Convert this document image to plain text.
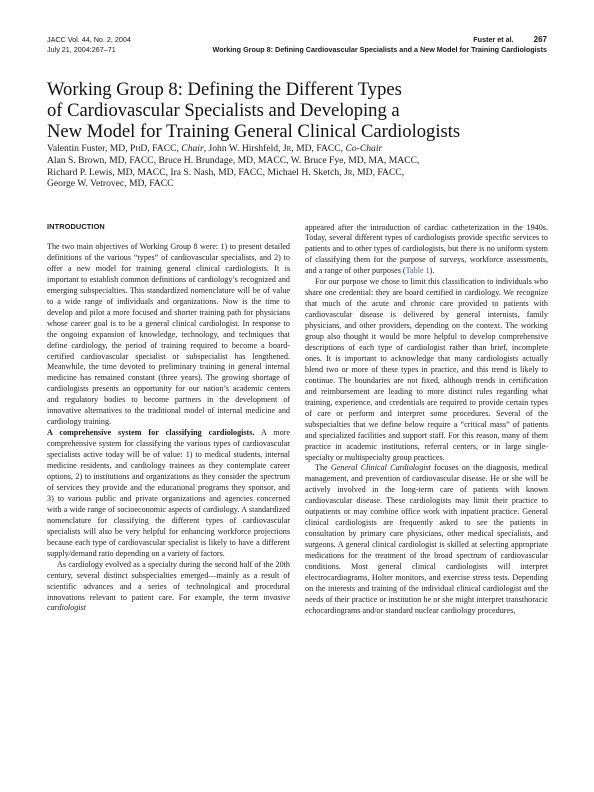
JACC Vol. 44, No. 2, 2004
July 21, 2004:267–71
Fuster et al.	267
Working Group 8: Defining Cardiovascular Specialists and a New Model for Training Cardiologists
Working Group 8: Defining the Different Types
of Cardiovascular Specialists and Developing a
New Model for Training General Clinical Cardiologists
Valentin Fuster, MD, PhD, FACC, Chair, John W. Hirshfeld, Jr, MD, FACC, Co-Chair
Alan S. Brown, MD, FACC, Bruce H. Brundage, MD, MACC, W. Bruce Fye, MD, MA, MACC,
Richard P. Lewis, MD, MACC, Ira S. Nash, MD, FACC, Michael H. Sketch, Jr, MD, FACC,
George W. Vetrovec, MD, FACC
INTRODUCTION

The two main objectives of Working Group 8 were: 1) to present detailed definitions of the various “types” of cardiovascular specialists, and 2) to offer a new model for training general clinical cardiologists. It is important to establish common definitions of cardiology’s recognized and emerging subspecialties. This standardized nomenclature will be of value to a wide range of individuals and organizations. Now is the time to develop and pilot a more focused and shorter training path for physicians whose career goal is to be a general clinical cardiologist. In response to the ongoing expansion of knowledge, technology, and techniques that define cardiology, the period of training required to become a board-certified cardiovascular specialist or subspecialist has lengthened. Meanwhile, the time devoted to preliminary training in general internal medicine has remained constant (three years). The growing shortage of cardiologists presents an opportunity for our nation’s academic centers and regulatory bodies to become partners in the development of innovative alternatives to the traditional model of internal medicine and cardiology training.

A comprehensive system for classifying cardiologists. A more comprehensive system for classifying the various types of cardiovascular specialists active today will be of value: 1) to medical students, internal medicine residents, and cardiology trainees as they contemplate career options, 2) to institutions and organizations as they consider the spectrum of services they provide and the educational programs they sponsor, and 3) to various public and private organizations and agencies concerned with a wide range of socioeconomic aspects of cardiology. A standardized nomenclature for classifying the different types of cardiovascular specialists will also be very helpful for enhancing workforce projections because each type of cardiovascular specialist is likely to have a different supply/demand ratio depending on a variety of factors.

As cardiology evolved as a specialty during the second half of the 20th century, several distinct subspecialties emerged—mainly as a result of scientific advances and a series of technological and procedural innovations relevant to patient care. For example, the term invasive cardiologist

appeared after the introduction of cardiac catheterization in the 1940s. Today, several different types of cardiologists provide specific services to patients and to other types of cardiologists, but there is no uniform system of classifying them for the purpose of surveys, workforce assessments, and a range of other purposes (Table 1).

For our purpose we chose to limit this classification to individuals who share one credential: they are board certified in cardiology. We recognize that much of the acute and chronic care provided to patients with cardiovascular disease is delivered by general internists, family physicians, and other providers, depending on the context. The working group also thought it would be more helpful to develop comprehensive descriptions of each type of cardiologist rather than brief, incomplete ones. It is important to acknowledge that many cardiologists actually blend two or more of these types in practice, and this trend is likely to continue. The boundaries are not fixed, although trends in certification and reimbursement are leading to more distinct rules regarding what training, experience, and credentials are required to provide certain types of care or perform and interpret some procedures. Several of the subspecialties that we define below require a “critical mass” of patients and specialized facilities and support staff. For this reason, many of them practice in academic institutions, referral centers, or in large single-specialty or multispecialty group practices.

The General Clinical Cardiologist focuses on the diagnosis, medical management, and prevention of cardiovascular disease. He or she will be actively involved in the long-term care of patients with known cardiovascular disease. These cardiologists may limit their practice to outpatients or may combine office work with inpatient practice. General clinical cardiologists are frequently asked to see the patients in consultation by primary care physicians, other medical specialists, and surgeons. A general clinical cardiologist is skilled at selecting appropriate medications for the treatment of the broad spectrum of cardiovascular conditions. Most general clinical cardiologists will interpret electrocardiograms, Holter monitors, and exercise stress tests. Depending on the interests and training of the individual clinical cardiologist and the needs of their practice or institution he or she might interpret transthoracic echocardiograms and/or standard nuclear cardiology procedures,
